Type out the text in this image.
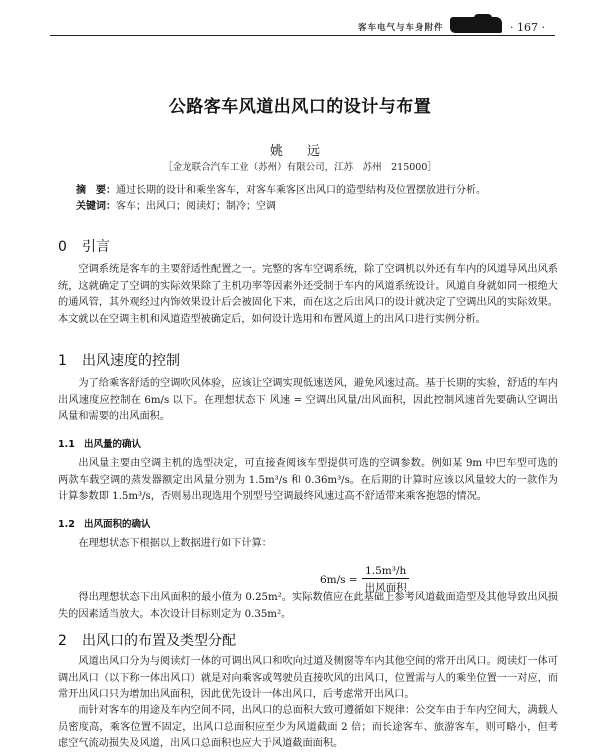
客车电气与车身附件	· 167 ·
公路客车风道出风口的设计与布置
姚 远
［金龙联合汽车工业（苏州）有限公司，江苏　苏州　215000］
摘　要：通过长期的设计和乘坐客车，对客车乘客区出风口的造型结构及位置摆放进行分析。
关键词：客车；出风口；阅读灯；制冷；空调
0 引言
空调系统是客车的主要舒适性配置之一。完整的客车空调系统，除了空调机以外还有车内的风道导风出风系统，这就确定了空调的实际效果除了主机功率等因素外还受制于车内的风道系统设计。风道自身就如同一根绝大的通风管，其外观经过内饰效果设计后会被固化下来，而在这之后出风口的设计就决定了空调出风的实际效果。本文就以在空调主机和风道造型被确定后，如何设计选用和布置风道上的出风口进行实例分析。
1 出风速度的控制
为了给乘客舒适的空调吹风体验，应该让空调实现低速送风，避免风速过高。基于长期的实验，舒适的车内出风速度应控制在 6m/s 以下。在理想状态下 风速 = 空调出风量/出风面积，因此控制风速首先要确认空调出风量和需要的出风面积。
1.1 出风量的确认
出风量主要由空调主机的选型决定，可直接查阅该车型提供可选的空调参数。例如某 9m 中巴车型可选的两款车载空调的蒸发器额定出风量分别为 1.5m³/s 和 0.36m³/s。在后期的计算时应该以风量较大的一款作为计算参数即 1.5m³/s，否则易出现选用个别型号空调最终风速过高不舒适带来乘客抱怨的情况。
1.2 出风面积的确认
在理想状态下根据以上数据进行如下计算：
$6m/s = \frac{\text{1.5m³/h}}{\text{出风面积}}$
得出理想状态下出风面积的最小值为 0.25m²。实际数值应在此基础上参考风道截面造型及其他导致出风损失的因素适当放大。本次设计目标则定为 0.35m²。
2 出风口的布置及类型分配
风道出风口分为与阅读灯一体的可调出风口和吹向过道及侧窗等车内其他空间的常开出风口。阅读灯一体可调出风口（以下称一体出风口）就是对向乘客或驾驶员直接吹风的出风口，位置需与人的乘坐位置一一对应，而常开出风口只为增加出风面积，因此优先设计一体出风口，后考虑常开出风口。
而针对客车的用途及车内空间不同，出风口的总面积大致可遵循如下规律：公交车由于车内空间大，满载人员密度高，乘客位置不固定，出风口总面积应至少为风道截面 2 倍；而长途客车、旅游客车，则可略小，但考虑空气流动损失及风道，出风口总面积也应大于风道截面面积。
